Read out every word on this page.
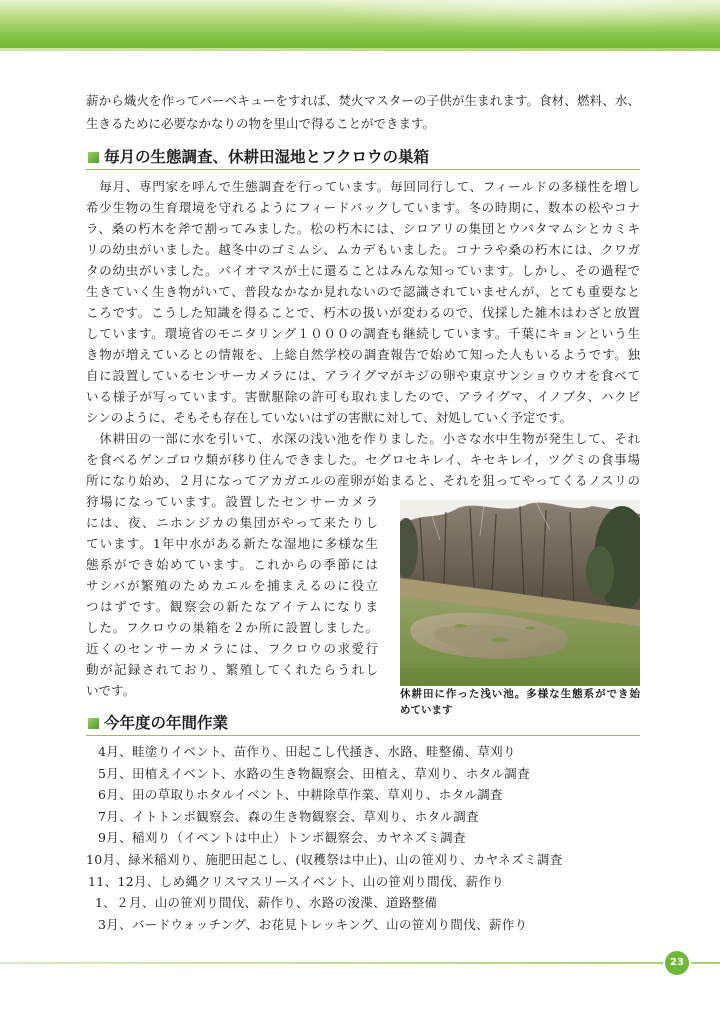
薪から熾火を作ってバーベキューをすれば、焚火マスターの子供が生まれます。食材、燃料、水、
生きるために必要なかなりの物を里山で得ることができます。
毎月の生態調査、休耕田湿地とフクロウの巣箱
　毎月、専門家を呼んで生態調査を行っています。毎回同行して、フィールドの多様性を増し
希少生物の生育環境を守れるようにフィードバックしています。冬の時期に、数本の松やコナ
ラ、桑の朽木を斧で割ってみました。松の朽木には、シロアリの集団とウバタマムシとカミキ
リの幼虫がいました。越冬中のゴミムシ、ムカデもいました。コナラや桑の朽木には、クワガ
タの幼虫がいました。バイオマスが土に還ることはみんな知っています。しかし、その過程で
生きていく生き物がいて、普段なかなか見れないので認識されていませんが、とても重要なと
ころです。こうした知識を得ることで、朽木の扱いが変わるので、伐採した雑木はわざと放置
しています。環境省のモニタリング１０００の調査も継続しています。千葉にキョンという生
き物が増えているとの情報を、上総自然学校の調査報告で始めて知った人もいるようです。独
自に設置しているセンサーカメラには、アライグマがキジの卵や東京サンショウウオを食べて
いる様子が写っています。害獣駆除の許可も取れましたので、アライグマ、イノブタ、ハクビ
シンのように、そもそも存在していないはずの害獣に対して、対処していく予定です。
　休耕田の一部に水を引いて、水深の浅い池を作りました。小さな水中生物が発生して、それ
を食べるゲンゴロウ類が移り住んできました。セグロセキレイ、キセキレイ，ツグミの食事場
所になり始め、２月になってアカガエルの産卵が始まると、それを狙ってやってくるノスリの
狩場になっています。設置したセンサーカメラ
には、夜、ニホンジカの集団がやって来たりし
ています。1年中水がある新たな湿地に多様な生
態系ができ始めています。これからの季節には
サシバが繁殖のためカエルを捕まえるのに役立
つはずです。観察会の新たなアイテムになりま
した。フクロウの巣箱を２か所に設置しました。
近くのセンサーカメラには、フクロウの求愛行
動が記録されており、繁殖してくれたらうれし
いです。	休耕田に作った浅い池。多様な生態系ができ始
めています
今年度の年間作業
4月、畦塗りイベント、苗作り、田起こし代掻き、水路、畦整備、草刈り
5月、田植えイベント、水路の生き物観察会、田植え、草刈り、ホタル調査
6月、田の草取りホタルイベント、中耕除草作業、草刈り、ホタル調査
7月、イトトンボ観察会、森の生き物観察会、草刈り、ホタル調査
9月、稲刈り（イベントは中止）トンボ観察会、カヤネズミ調査
10月、緑米稲刈り、施肥田起こし、(収穫祭は中止)、山の笹刈り、カヤネズミ調査
11、12月、しめ縄クリスマスリースイベント、山の笹刈り間伐、薪作り
1、２月、山の笹刈り間伐、薪作り、水路の浚渫、道路整備
3月、バードウォッチング、お花見トレッキング、山の笹刈り間伐、薪作り
23
